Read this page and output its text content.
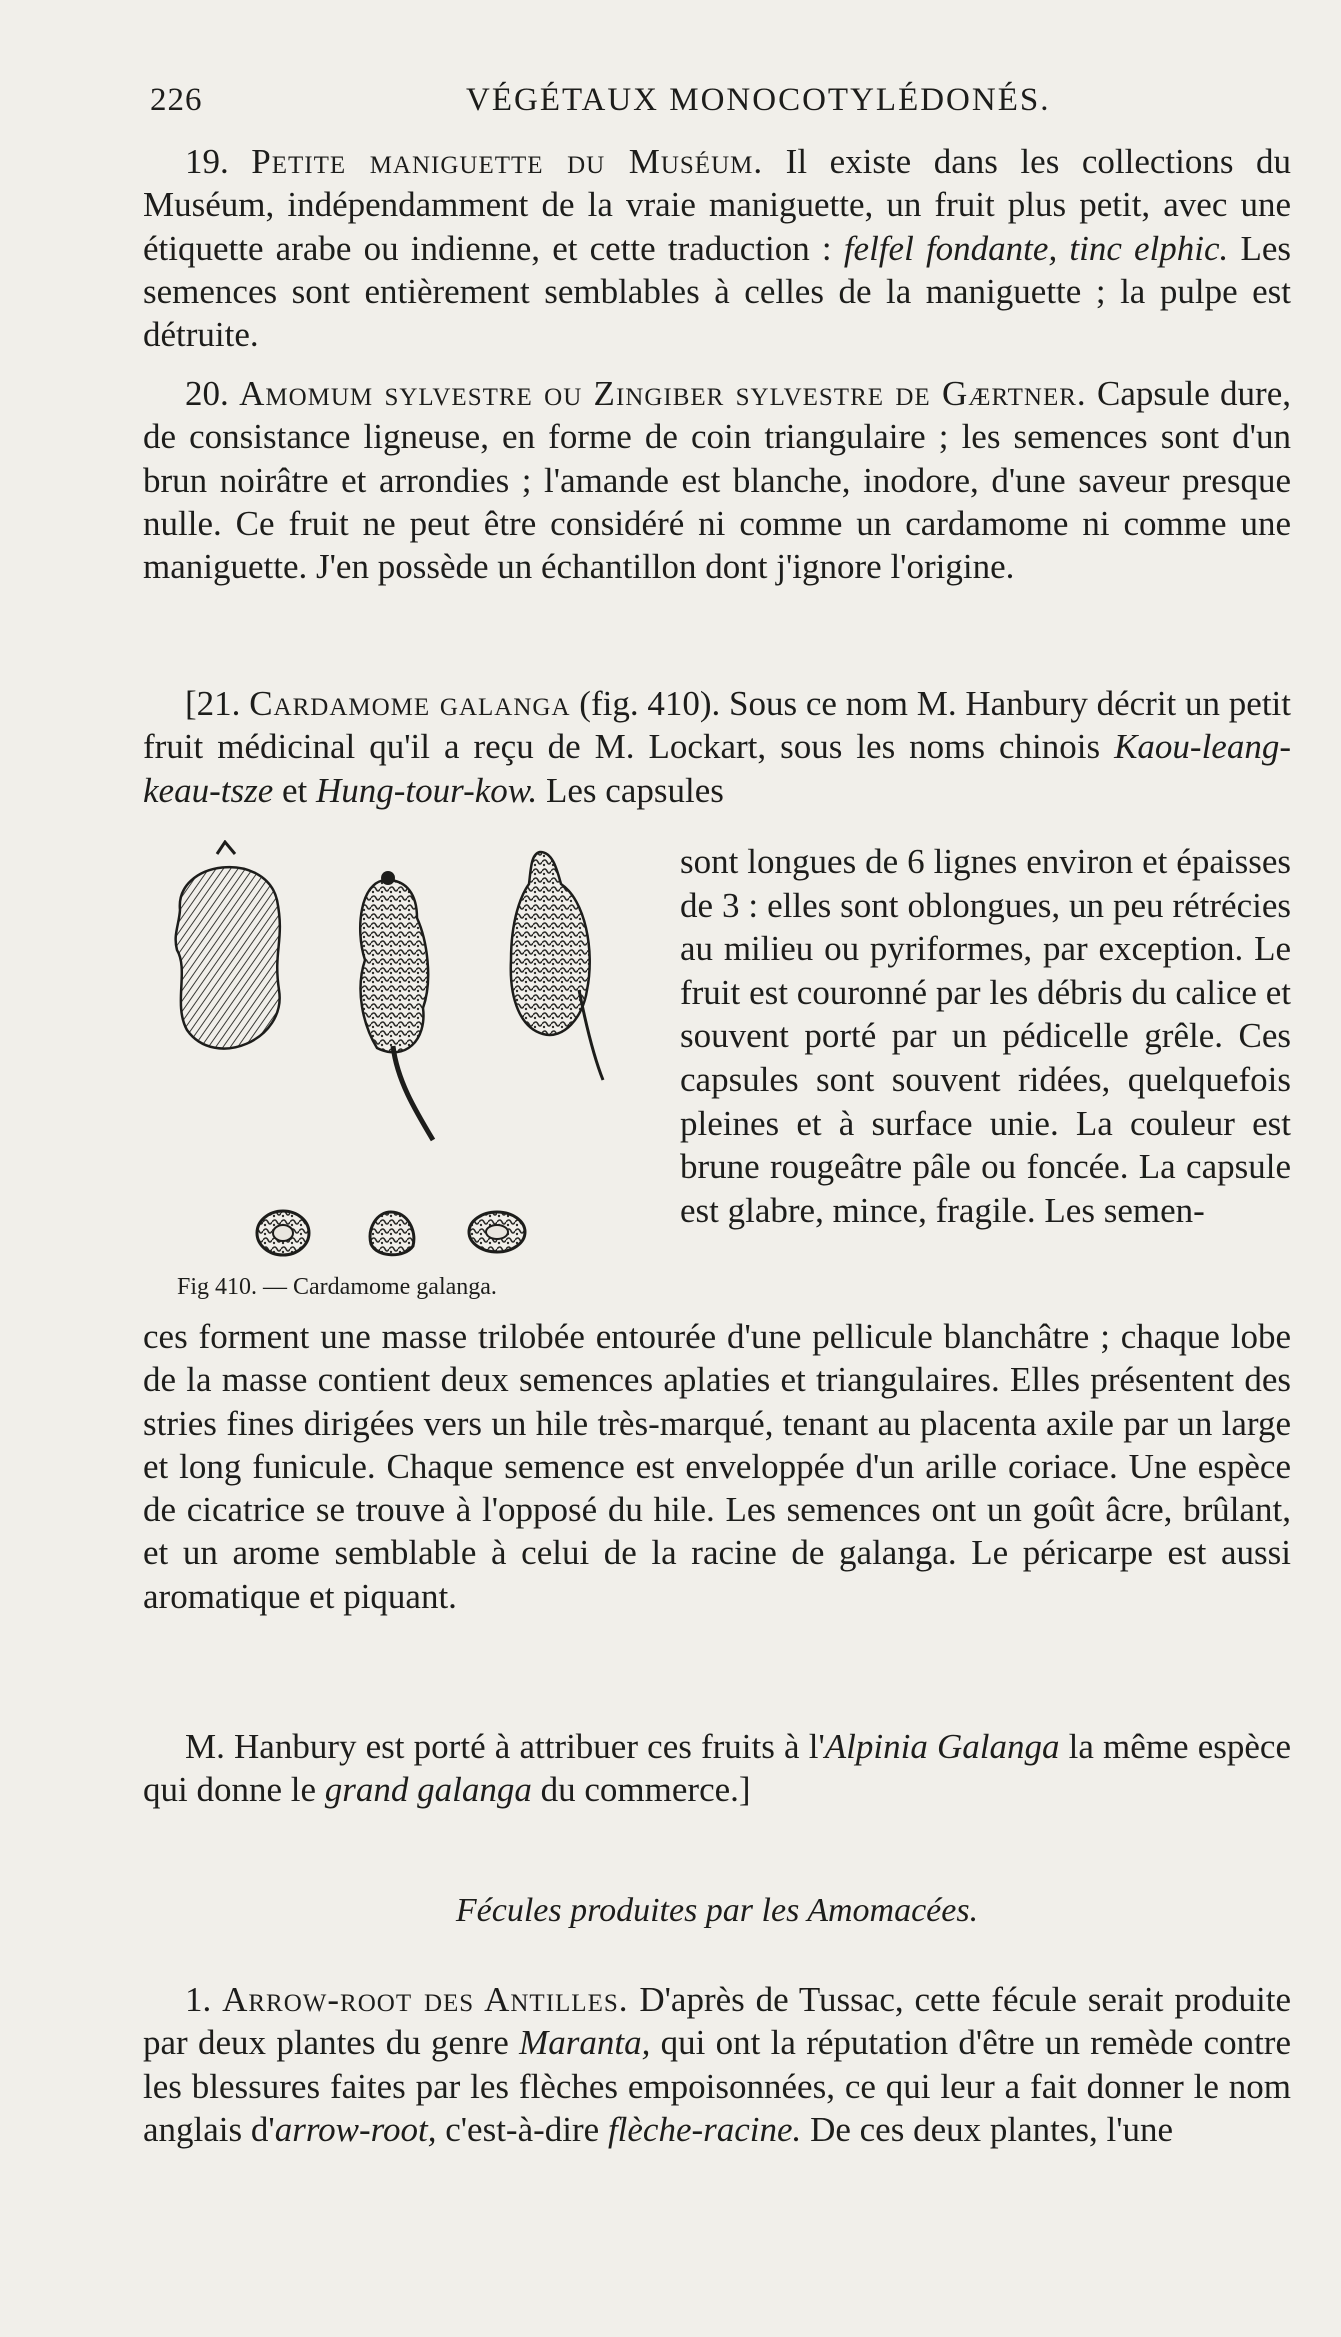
226	VÉGÉTAUX MONOCOTYLÉDONÉS.

19. Petite maniguette du Muséum. Il existe dans les collections du Muséum, indépendamment de la vraie maniguette, un fruit plus petit, avec une étiquette arabe ou indienne, et cette traduction : felfel fondante, tinc elphic. Les semences sont entièrement semblables à celles de la maniguette ; la pulpe est détruite.

20. Amomum sylvestre ou Zingiber sylvestre de Gærtner. Capsule dure, de consistance ligneuse, en forme de coin triangulaire ; les semences sont d'un brun noirâtre et arrondies ; l'amande est blanche, inodore, d'une saveur presque nulle. Ce fruit ne peut être considéré ni comme un cardamome ni comme une maniguette. J'en possède un échantillon dont j'ignore l'origine.

[21. Cardamome galanga (fig. 410). Sous ce nom M. Hanbury décrit un petit fruit médicinal qu'il a reçu de M. Lockart, sous les noms chinois Kaou-leang-keau-tsze et Hung-tour-kow. Les capsules

Fig 410. — Cardamome galanga.

sont longues de 6 lignes environ et épaisses de 3 : elles sont oblongues, un peu rétrécies au milieu ou pyriformes, par exception. Le fruit est couronné par les débris du calice et souvent porté par un pédicelle grêle. Ces capsules sont souvent ridées, quelquefois pleines et à surface unie. La couleur est brune rougeâtre pâle ou foncée. La capsule est glabre, mince, fragile. Les semen-

ces forment une masse trilobée entourée d'une pellicule blanchâtre ; chaque lobe de la masse contient deux semences aplaties et triangulaires. Elles présentent des stries fines dirigées vers un hile très-marqué, tenant au placenta axile par un large et long funicule. Chaque semence est enveloppée d'un arille coriace. Une espèce de cicatrice se trouve à l'opposé du hile. Les semences ont un goût âcre, brûlant, et un arome semblable à celui de la racine de galanga. Le péricarpe est aussi aromatique et piquant.

M. Hanbury est porté à attribuer ces fruits à l'Alpinia Galanga la même espèce qui donne le grand galanga du commerce.]

Fécules produites par les Amomacées.

1. Arrow-root des Antilles. D'après de Tussac, cette fécule serait produite par deux plantes du genre Maranta, qui ont la réputation d'être un remède contre les blessures faites par les flèches empoisonnées, ce qui leur a fait donner le nom anglais d'arrow-root, c'est-à-dire flèche-racine. De ces deux plantes, l'une
